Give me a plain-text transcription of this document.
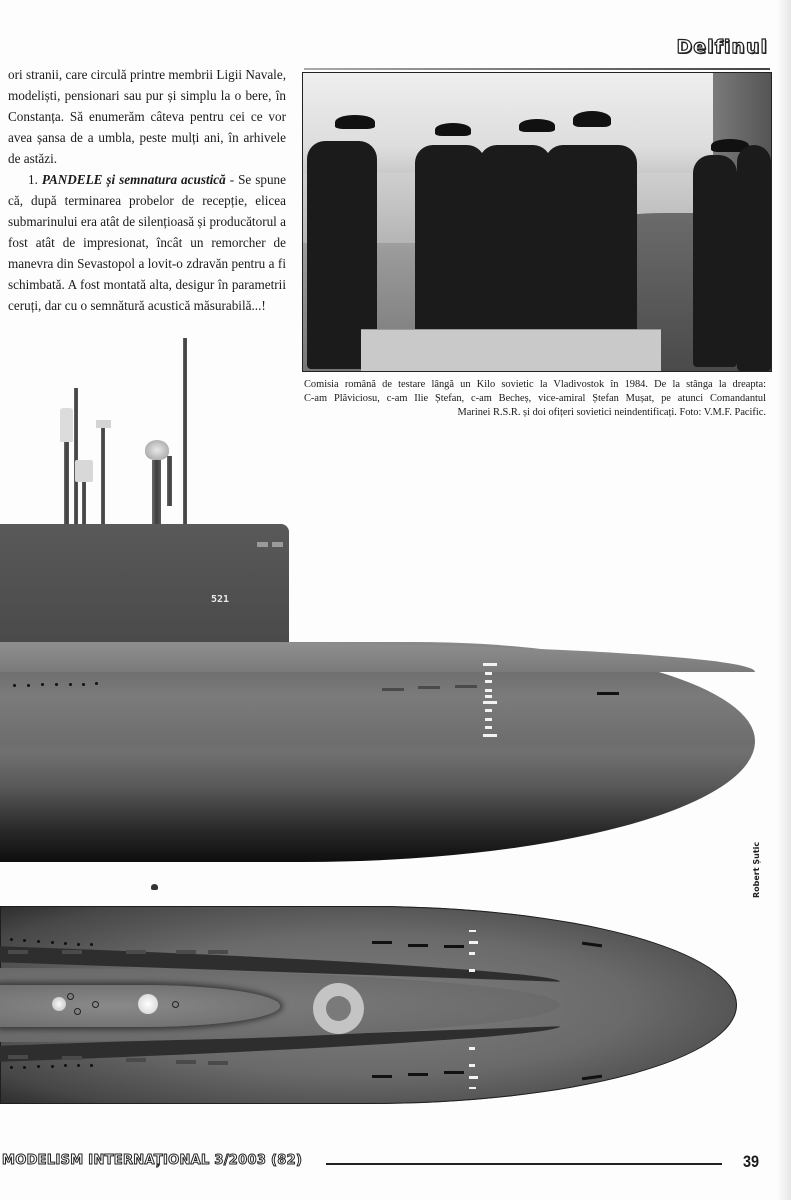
Delfinul

ori stranii, care circulă printre membrii Ligii Navale, modeliști, pensionari sau pur și simplu la o bere, în Constanța. Să enumerăm câteva pentru cei ce vor avea șansa de a umbla, peste mulți ani, în arhivele de astăzi.

1. PANDELE și semnatura acustică - Se spune că, după terminarea probelor de recepție, elicea submarinului era atât de silențioasă și producătorul a fost atât de impresionat, încât un remorcher de manevra din Sevastopol a lovit-o zdravăn pentru a fi schimbată. A fost montată alta, desigur în parametrii ceruți, dar cu o semnătură acustică măsurabilă...!

Comisia română de testare lângă un Kilo sovietic la Vladivostok în 1984. De la stânga la dreapta:
C-am Plăviciosu, c-am Ilie Ștefan, c-am Becheș, vice-amiral Ștefan Mușat, pe atunci Comandantul
Marinei R.S.R. și doi ofițeri sovietici neindentificați. Foto: V.M.F. Pacific.
521
Robert Șutic
MODELISM INTERNAȚIONAL 3/2003 (82)	39
